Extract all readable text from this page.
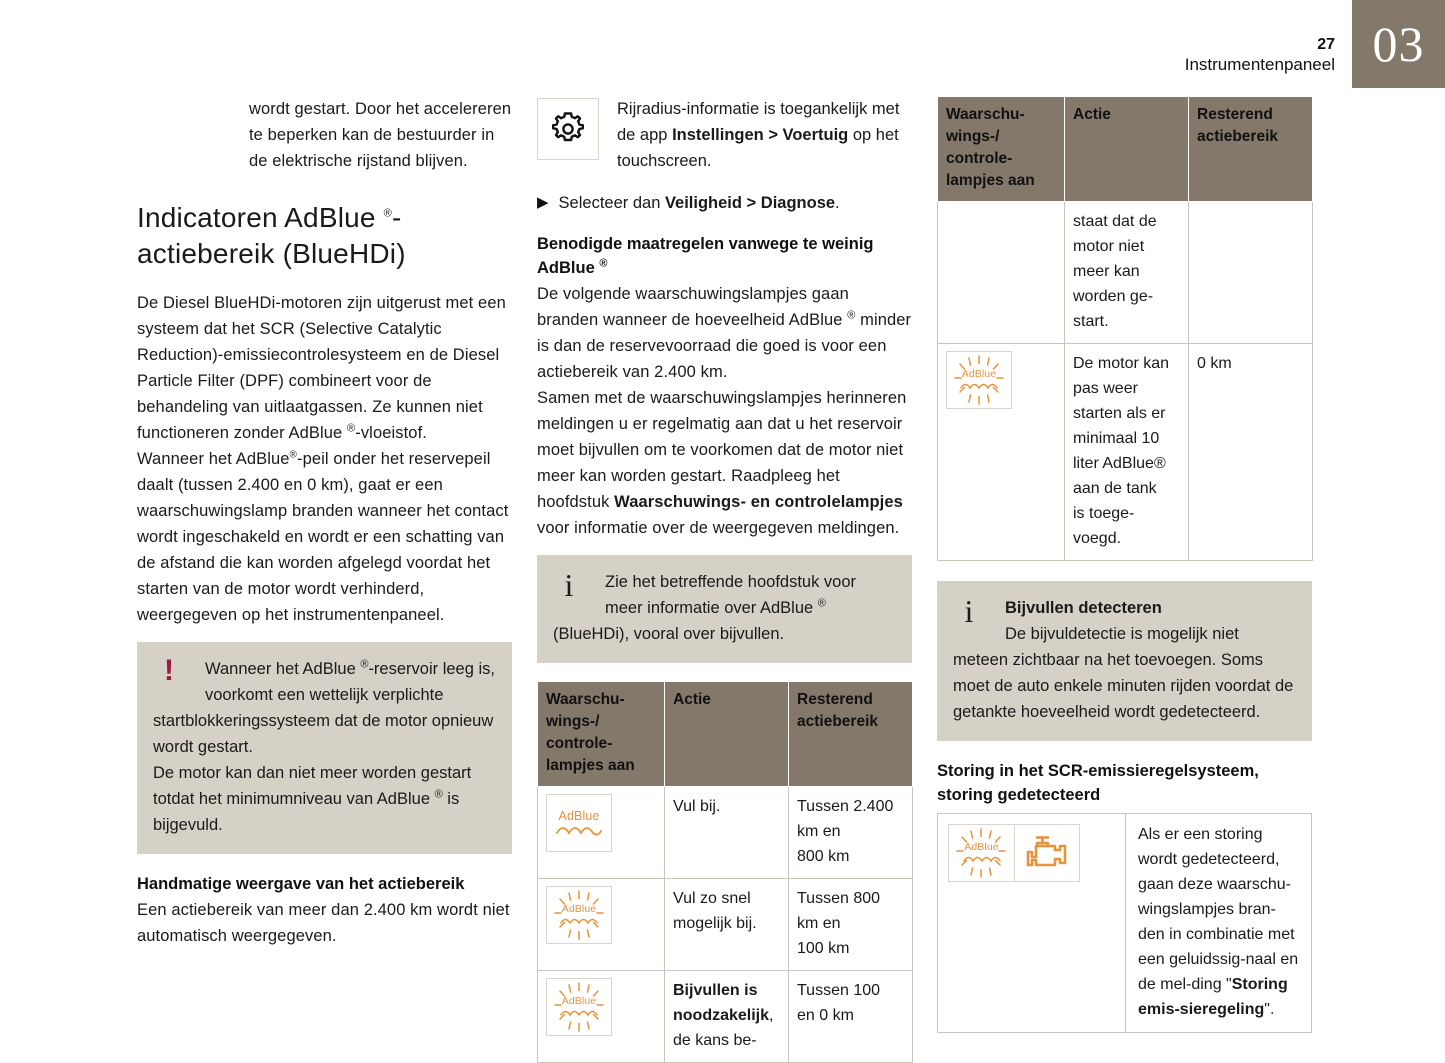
27
Instrumentenpaneel 03

wordt gestart. Door het accelereren te beperken kan de bestuurder in de elektrische rijstand blijven.

Indicatoren AdBlue ®-
actiebereik (BlueHDi)

De Diesel BlueHDi-motoren zijn uitgerust met een systeem dat het SCR (Selective Catalytic Reduction)-emissiecontrolesysteem en de Diesel Particle Filter (DPF) combineert voor de behandeling van uitlaatgassen. Ze kunnen niet functioneren zonder AdBlue ®-vloeistof.

Wanneer het AdBlue®-peil onder het reservepeil daalt (tussen 2.400 en 0 km), gaat er een waarschuwingslamp branden wanneer het contact wordt ingeschakeld en wordt er een schatting van de afstand die kan worden afgelegd voordat het starten van de motor wordt verhinderd, weergegeven op het instrumentenpaneel.

!	Wanneer het AdBlue ®-reservoir leeg is, voorkomt een wettelijk verplichte
startblokkeringssysteem dat de motor opnieuw wordt gestart.
De motor kan dan niet meer worden gestart totdat het minimumniveau van AdBlue ® is bijgevuld.
Handmatige weergave van het actiebereik

Een actiebereik van meer dan 2.400 km wordt niet automatisch weergegeven.

Rijradius-informatie is toegankelijk met de app Instellingen > Voertuig op het touchscreen.
▶ Selecteer dan Veiligheid > Diagnose.
Benodigde maatregelen vanwege te weinig
AdBlue ®

De volgende waarschuwingslampjes gaan branden wanneer de hoeveelheid AdBlue ® minder is dan de reservevoorraad die goed is voor een actiebereik van 2.400 km.

Samen met de waarschuwingslampjes herinneren meldingen u er regelmatig aan dat u het reservoir moet bijvullen om te voorkomen dat de motor niet meer kan worden gestart. Raadpleeg het hoofdstuk Waarschuwings- en controlelampjes voor informatie over de weergegeven meldingen.

i	Zie het betreffende hoofdstuk voor meer informatie over AdBlue ®
(BlueHDi), vooral over bijvullen.
Waarschu-
wings-/
controle-
lampjes aan	Actie	Resterend
actiebereik

AdBlue	Vul bij.	Tussen 2.400
km en
800 km

AdBlue	Vul zo snel mogelijk bij.	Tussen 800
km en
100 km

AdBlue	Bijvullen is noodzakelijk, de kans be-	Tussen 100
en 0 km
Waarschu-
wings-/
controle-
lampjes aan	Actie	Resterend
actiebereik
	staat dat de
motor niet
meer kan
worden ge-
start.	

AdBlue
	De motor kan
pas weer
starten als er
minimaal 10
liter AdBlue®
aan de tank
is toege-
voegd.	0 km
i	Bijvullen detecteren
De bijvuldetectie is mogelijk niet
meteen zichtbaar na het toevoegen. Soms moet de auto enkele minuten rijden voordat de getankte hoeveelheid wordt gedetecteerd.
Storing in het SCR-emissieregelsysteem,
storing gedetecteerd
AdBlue
Als er een storing wordt gedetecteerd, gaan deze waarschu-wingslampjes bran-den in combinatie met een geluidssig-naal en de mel-ding "Storing emis-sieregeling".
